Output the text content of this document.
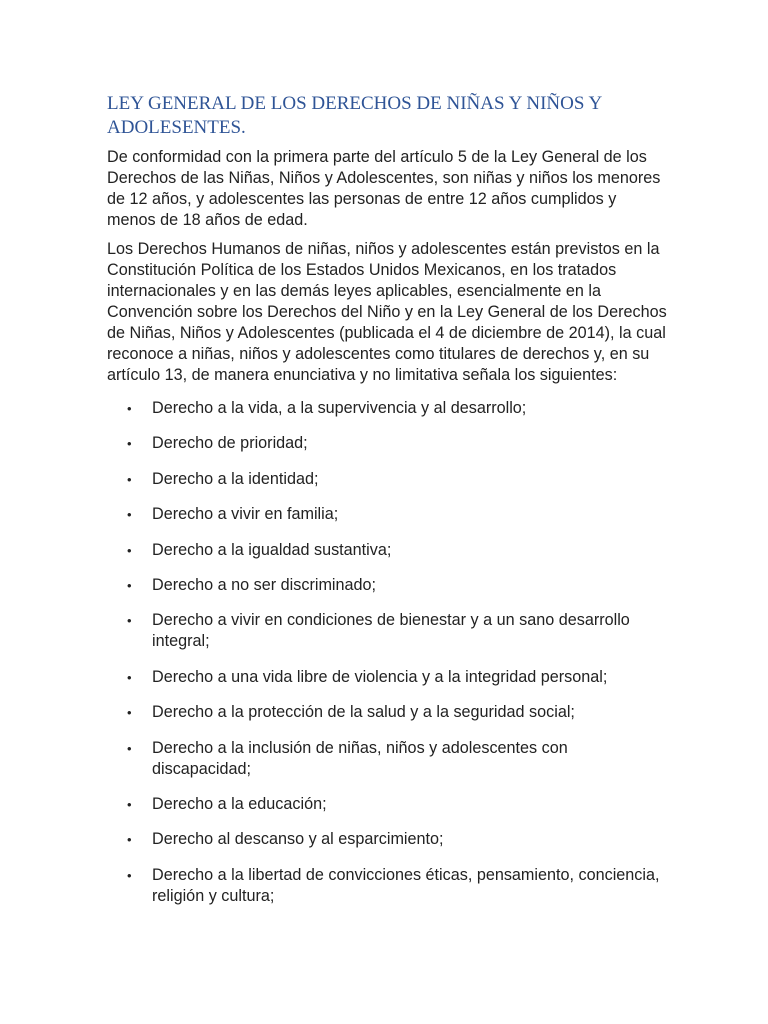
LEY GENERAL DE LOS DERECHOS DE NIÑAS Y NIÑOS Y ADOLESENTES.

De conformidad con la primera parte del artículo 5 de la Ley General de los Derechos de las Niñas, Niños y Adolescentes, son niñas y niños los menores de 12 años, y adolescentes las personas de entre 12 años cumplidos y menos de 18 años de edad.

Los Derechos Humanos de niñas, niños y adolescentes están previstos en la Constitución Política de los Estados Unidos Mexicanos, en los tratados internacionales y en las demás leyes aplicables, esencialmente en la Convención sobre los Derechos del Niño y en la Ley General de los Derechos de Niñas, Niños y Adolescentes (publicada el 4 de diciembre de 2014), la cual reconoce a niñas, niños y adolescentes como titulares de derechos y, en su artículo 13, de manera enunciativa y no limitativa señala los siguientes:

• Derecho a la vida, a la supervivencia y al desarrollo;
• Derecho de prioridad;
• Derecho a la identidad;
• Derecho a vivir en familia;
• Derecho a la igualdad sustantiva;
• Derecho a no ser discriminado;
• Derecho a vivir en condiciones de bienestar y a un sano desarrollo integral;
• Derecho a una vida libre de violencia y a la integridad personal;
• Derecho a la protección de la salud y a la seguridad social;
• Derecho a la inclusión de niñas, niños y adolescentes con discapacidad;
• Derecho a la educación;
• Derecho al descanso y al esparcimiento;
• Derecho a la libertad de convicciones éticas, pensamiento, conciencia, religión y cultura;
